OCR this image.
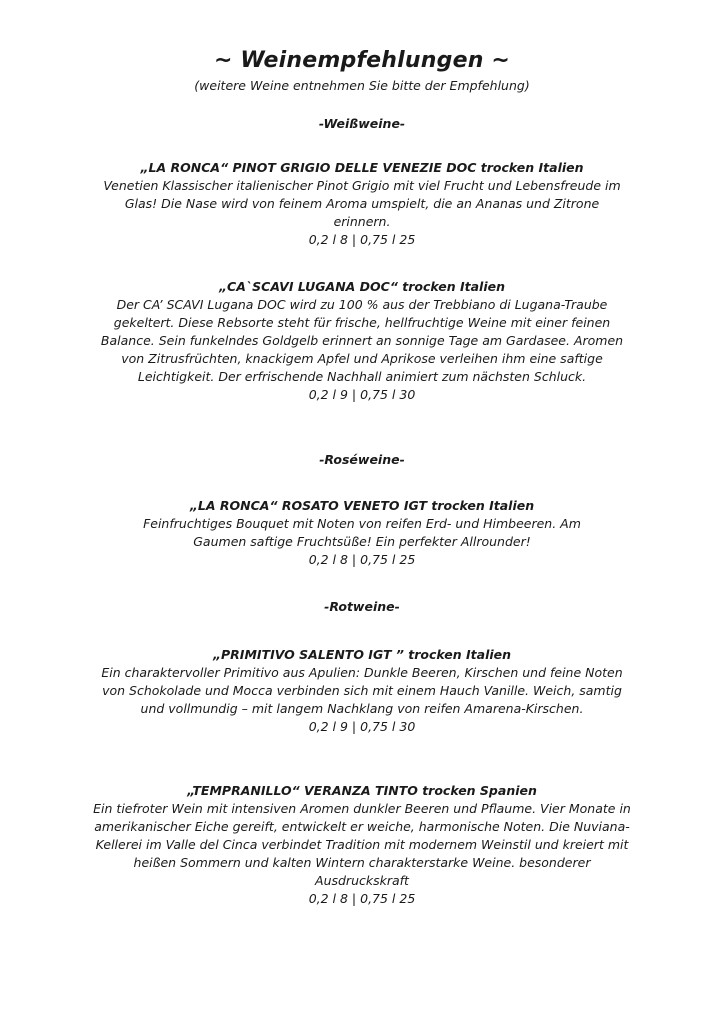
~ Weinempfehlungen ~
(weitere Weine entnehmen Sie bitte der Empfehlung)
-Weißweine-
„LA RONCA“ PINOT GRIGIO DELLE VENEZIE DOC trocken Italien
Venetien Klassischer italienischer Pinot Grigio mit viel Frucht und Lebensfreude im Glas! Die Nase wird von feinem Aroma umspielt, die an Ananas und Zitrone erinnern.
0,2 l 8 | 0,75 l 25
„CA`SCAVI LUGANA DOC“ trocken Italien
Der CA’ SCAVI Lugana DOC wird zu 100 % aus der Trebbiano di Lugana-Traube gekeltert. Diese Rebsorte steht für frische, hellfruchtige Weine mit einer feinen Balance. Sein funkelndes Goldgelb erinnert an sonnige Tage am Gardasee. Aromen von Zitrusfrüchten, knackigem Apfel und Aprikose verleihen ihm eine saftige Leichtigkeit. Der erfrischende Nachhall animiert zum nächsten Schluck.
0,2 l 9 | 0,75 l 30
-Roséweine-
„LA RONCA“ ROSATO VENETO IGT trocken Italien
Feinfruchtiges Bouquet mit Noten von reifen Erd- und Himbeeren. Am Gaumen saftige Fruchtsüße! Ein perfekter Allrounder!
0,2 l 8 | 0,75 l 25
-Rotweine-
„PRIMITIVO SALENTO IGT ” trocken Italien
Ein charaktervoller Primitivo aus Apulien: Dunkle Beeren, Kirschen und feine Noten von Schokolade und Mocca verbinden sich mit einem Hauch Vanille. Weich, samtig und vollmundig – mit langem Nachklang von reifen Amarena-Kirschen.
0,2 l 9 | 0,75 l 30
„TEMPRANILLO“ VERANZA TINTO trocken Spanien
Ein tiefroter Wein mit intensiven Aromen dunkler Beeren und Pflaume. Vier Monate in amerikanischer Eiche gereift, entwickelt er weiche, harmonische Noten. Die Nuviana-Kellerei im Valle del Cinca verbindet Tradition mit modernem Weinstil und kreiert mit heißen Sommern und kalten Wintern charakterstarke Weine. besonderer Ausdruckskraft
0,2 l 8 | 0,75 l 25
